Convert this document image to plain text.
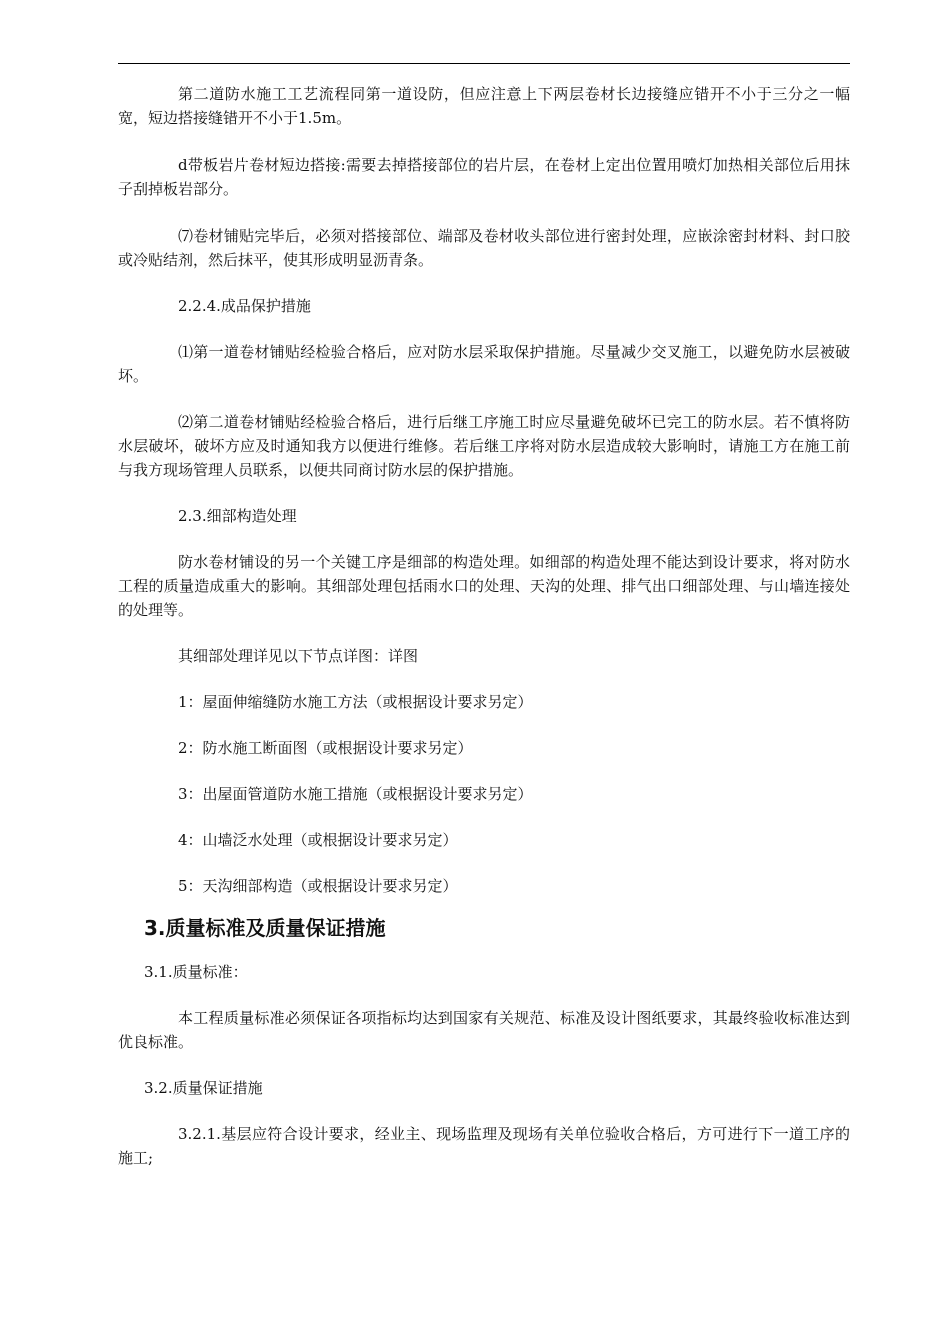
第二道防水施工工艺流程同第一道设防，但应注意上下两层卷材长边接缝应错开不小于三分之一幅宽，短边搭接缝错开不小于1.5m。

d带板岩片卷材短边搭接:需要去掉搭接部位的岩片层，在卷材上定出位置用喷灯加热相关部位后用抹子刮掉板岩部分。

⑺卷材铺贴完毕后，必须对搭接部位、端部及卷材收头部位进行密封处理，应嵌涂密封材料、封口胶或冷贴结剂，然后抹平，使其形成明显沥青条。

2.2.4.成品保护措施

⑴第一道卷材铺贴经检验合格后，应对防水层采取保护措施。尽量减少交叉施工，以避免防水层被破坏。

⑵第二道卷材铺贴经检验合格后，进行后继工序施工时应尽量避免破坏已完工的防水层。若不慎将防水层破坏，破坏方应及时通知我方以便进行维修。若后继工序将对防水层造成较大影响时，请施工方在施工前与我方现场管理人员联系，以便共同商讨防水层的保护措施。

2.3.细部构造处理

防水卷材铺设的另一个关键工序是细部的构造处理。如细部的构造处理不能达到设计要求，将对防水工程的质量造成重大的影响。其细部处理包括雨水口的处理、天沟的处理、排气出口细部处理、与山墙连接处的处理等。

其细部处理详见以下节点详图：详图

1：屋面伸缩缝防水施工方法（或根据设计要求另定）

2：防水施工断面图（或根据设计要求另定）

3：出屋面管道防水施工措施（或根据设计要求另定）

4：山墙泛水处理（或根据设计要求另定）

5：天沟细部构造（或根据设计要求另定）

3.质量标准及质量保证措施

3.1.质量标准：

本工程质量标准必须保证各项指标均达到国家有关规范、标准及设计图纸要求，其最终验收标准达到优良标准。

3.2.质量保证措施

3.2.1.基层应符合设计要求，经业主、现场监理及现场有关单位验收合格后，方可进行下一道工序的施工;
